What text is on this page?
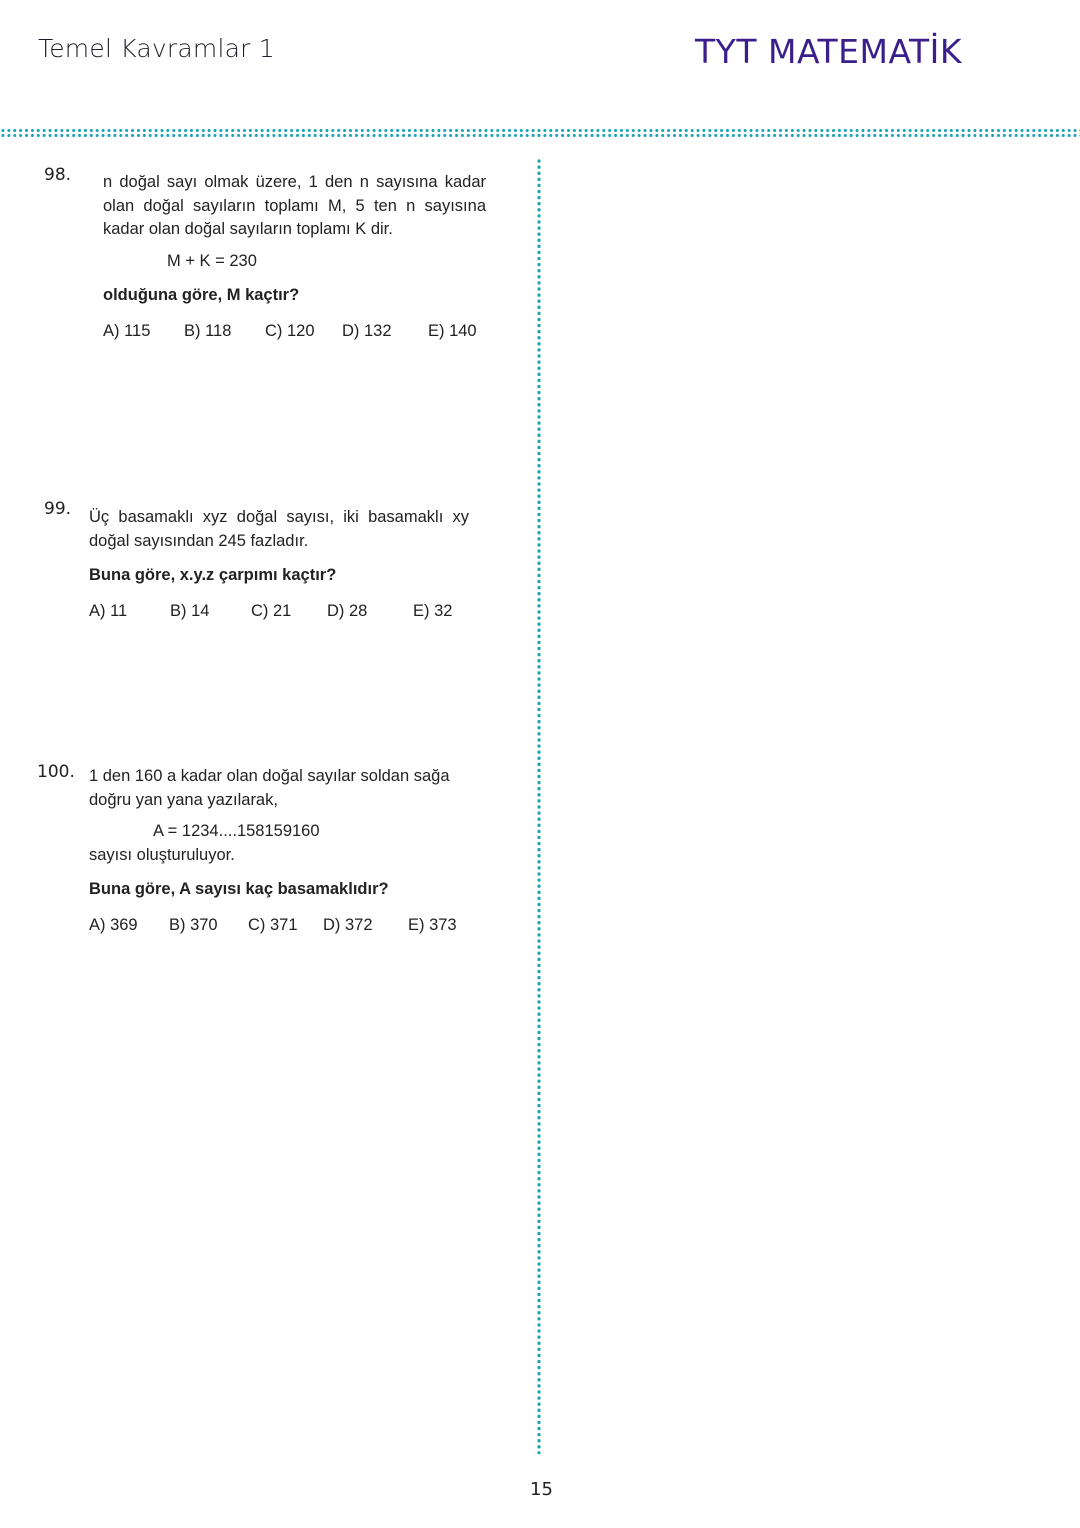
Temel Kavramlar 1	TYT MATEMATİK
98. n doğal sayı olmak üzere, 1 den n sayısına kadar olan doğal sayıların toplamı M, 5 ten n sayısına kadar olan doğal sayıların toplamı K dir.

M + K = 230

olduğuna göre, M kaçtır?

A) 115	B) 118	C) 120	D) 132	E) 140
99. Üç basamaklı xyz doğal sayısı, iki basamaklı xy doğal sayısından 245 fazladır.

Buna göre, x.y.z çarpımı kaçtır?

A) 11	B) 14	C) 21	D) 28	E) 32
100. 1 den 160 a kadar olan doğal sayılar soldan sağa doğru yan yana yazılarak,

A = 1234....158159160

sayısı oluşturuluyor.

Buna göre, A sayısı kaç basamaklıdır?

A) 369	B) 370	C) 371	D) 372	E) 373
15
